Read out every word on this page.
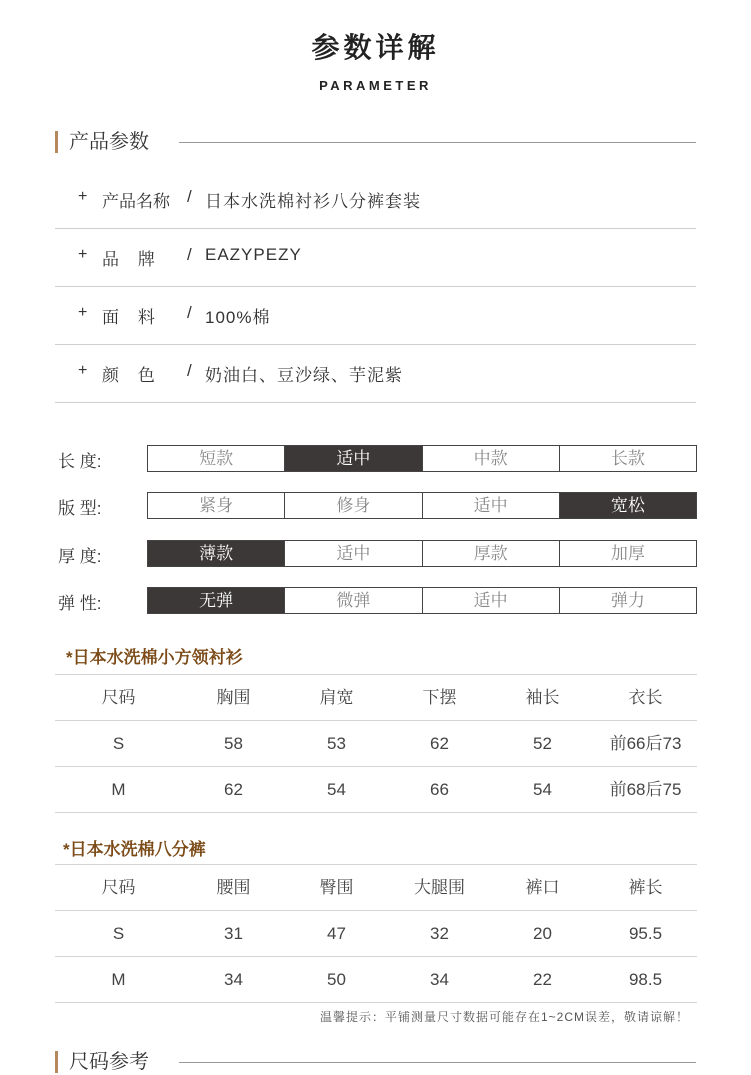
参数详解
PARAMETER
产品参数
+ 产品名称 / 日本水洗棉衬衫八分裤套装
+ 品    牌 / EAZYPEZY
+ 面    料 / 100%棉
+ 颜    色 / 奶油白、豆沙绿、芋泥紫
长 度:	短款	适中	中款	长款
版 型:	紧身	修身	适中	宽松
厚 度:	薄款	适中	厚款	加厚
弹 性:	无弹	微弹	适中	弹力
*日本水洗棉小方领衬衫
尺码	胸围	肩宽	下摆	袖长	衣长
S	58	53	62	52	前66后73
M	62	54	66	54	前68后75
*日本水洗棉八分裤
尺码	腰围	臀围	大腿围	裤口	裤长
S	31	47	32	20	95.5
M	34	50	34	22	98.5
温馨提示：平铺测量尺寸数据可能存在1~2CM误差，敬请谅解！
尺码参考
